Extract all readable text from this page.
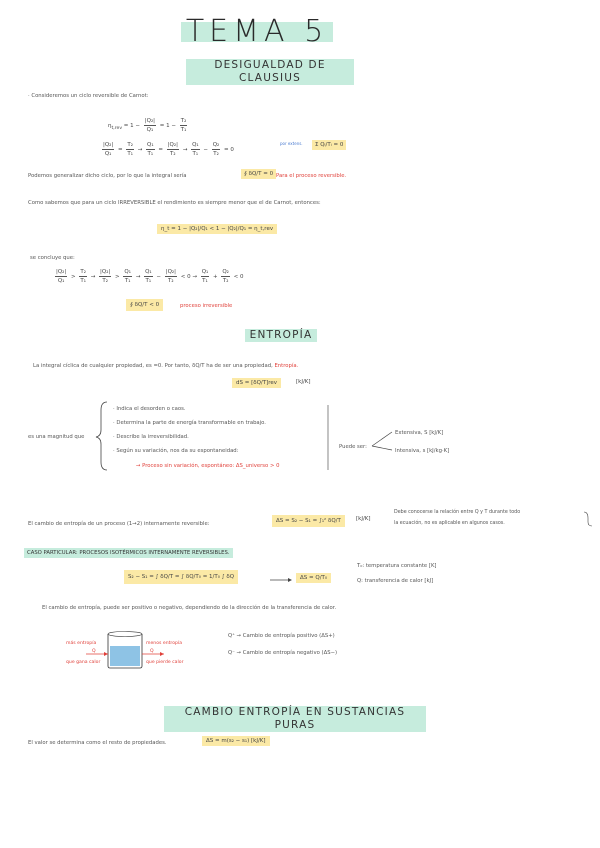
TEMA 5
DESIGUALDAD DE CLAUSIUS
· Consideremos un ciclo reversible de Carnot:
$\eta_{t,rev} = 1 - \frac{\text{|Q₂|}}{\text{Q₁}} = 1 - \frac{\text{T₂}}{\text{T₁}}$
$\frac{\text{|Q₂|}}{\text{Q₁}} = \frac{\text{T₂}}{\text{T₁}} \to \frac{\text{Q₁}}{\text{T₁}} = \frac{\text{|Q₂|}}{\text{T₂}} \to \frac{\text{Q₁}}{\text{T₁}} - \frac{\text{Q₂}}{\text{T₂}} = 0$
por extens.	Σ Qᵢ/Tᵢ = 0
Podemos generalizar dicho ciclo, por lo que la integral sería	∮ δQ/T = 0 Para el proceso reversible.
Como sabemos que para un ciclo IRREVERSIBLE el rendimiento es siempre menor que el de Carnot, entonces:
η_t = 1 − |Q₂|/Q₁ < 1 − |Q₂|/Q₁ = η_t,rev
se concluye que:
$\frac{\text{|Q₂|}}{\text{Q₁}} > \frac{\text{T₂}}{\text{T₁}} \to \frac{\text{|Q₂|}}{\text{T₂}} > \frac{\text{Q₁}}{\text{T₁}} \to \frac{\text{Q₁}}{\text{T₁}} - \frac{\text{|Q₂|}}{\text{T₂}} < 0 \to \frac{\text{Q₁}}{\text{T₁}} + \frac{\text{Q₂}}{\text{T₂}} < 0$
∮ δQ/T < 0	proceso irreversible
ENTROPÍA
La integral cíclica de cualquier propiedad, es =0. Por tanto, δQ/T ha de ser una propiedad, Entropía.
dS = [δQ/T]rev	[kJ/K]
es una magnitud que
· Indica el desorden o caos.
· Determina la parte de energía transformable en trabajo.
· Describe la irreversibilidad.
· Según su variación, nos da su espontaneidad:
→ Proceso sin variación, espontáneo: ΔS_universo > 0
Puede ser:
Extensiva, S [kJ/K]
Intensiva, s [kJ/kg·K]
El cambio de entropía de un proceso (1→2) internamente reversible:	ΔS = S₂ − S₁ = ∫₁² δQ/T	[kJ/K]
Debe conocerse la relación entre Q y T durante todo
la ecuación, no es aplicable en algunos casos.
CASO PARTICULAR: PROCESOS ISOTÉRMICOS INTERNAMENTE REVERSIBLES.
S₂ − S₁ = ∫ δQ/T = ∫ δQ/T₀ = 1/T₀ ∫ δQ	ΔS = Q/T₀
T₀: temperatura constante [K]
Q: transferencia de calor [kJ]
El cambio de entropía, puede ser positivo o negativo, dependiendo de la dirección de la transferencia de calor.
más entropía
Q
que gana calor
menos entropía
Q
que pierde calor
Q⁺ → Cambio de entropía positivo (ΔS+)
Q⁻ → Cambio de entropía negativo (ΔS−)
CAMBIO ENTROPÍA EN SUSTANCIAS PURAS
El valor se determina como el resto de propiedades.	ΔS = m(s₂ − s₁) [kJ/K]
